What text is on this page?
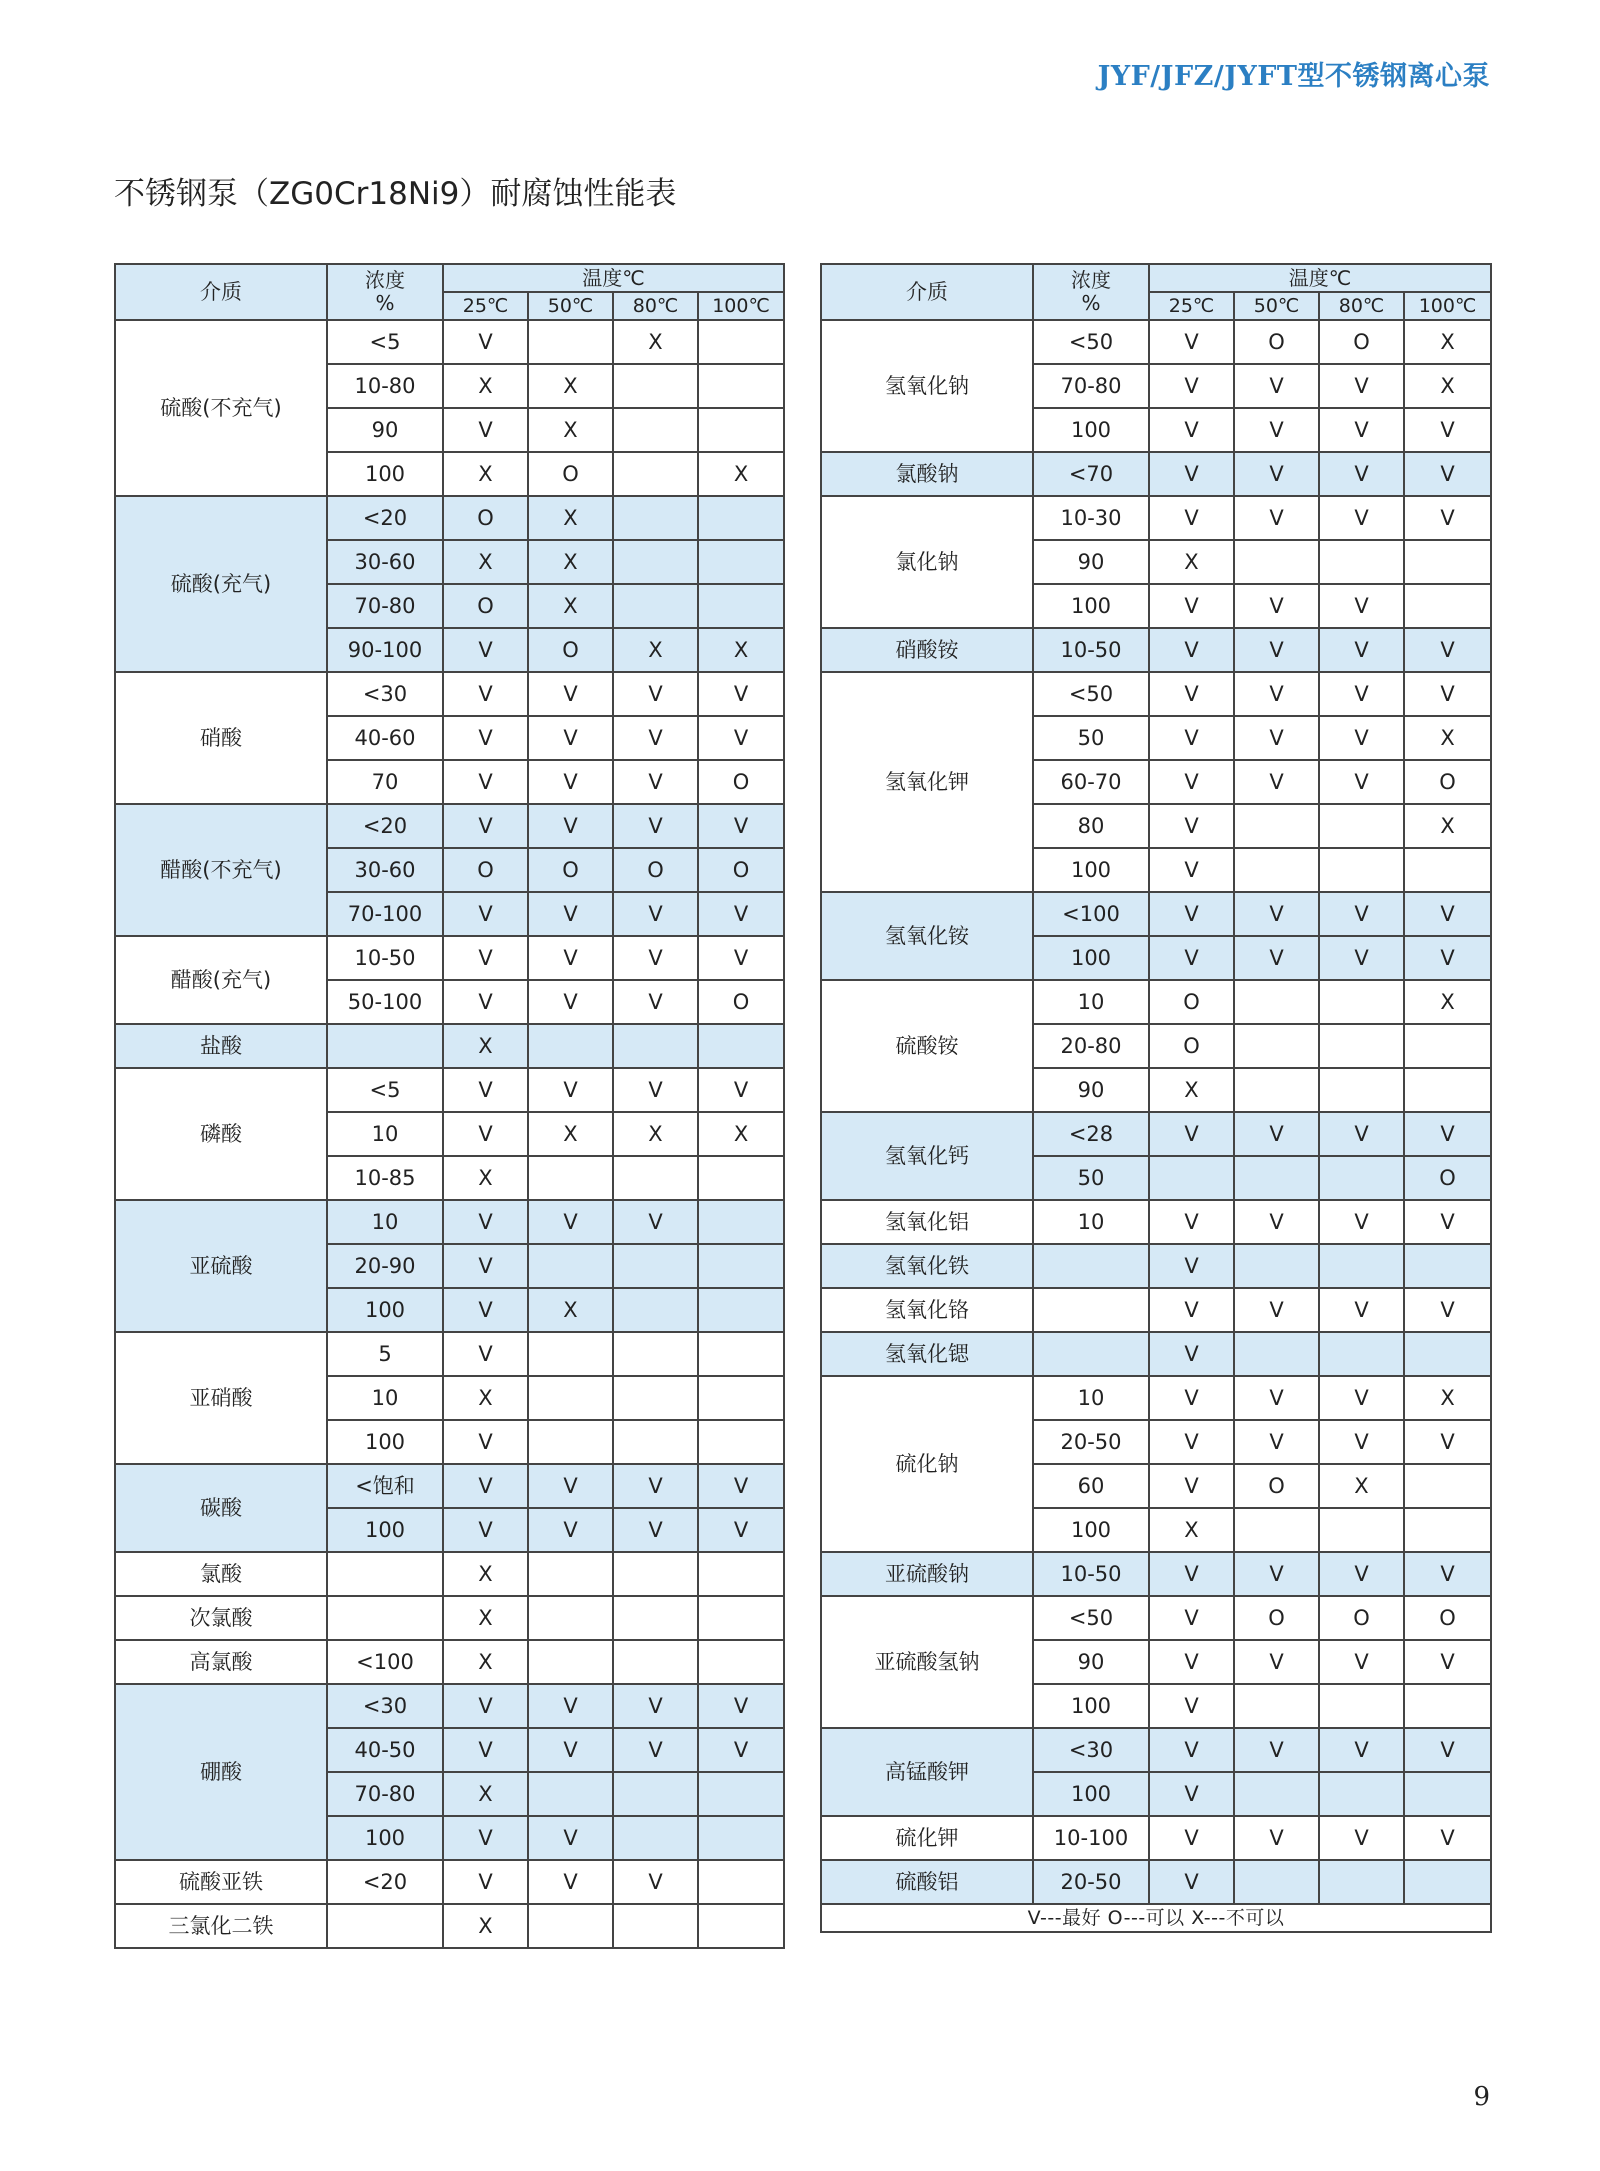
JYF/JFZ/JYFT型不锈钢离心泵
不锈钢泵（ZG0Cr18Ni9）耐腐蚀性能表
介质	浓度
%	温度℃			
		25℃	50℃	80℃	100℃
硫酸(不充气)	<5	V		X	
	10-80	X	X		
	90	V	X		
	100	X	O		X
硫酸(充气)	<20	O	X		
	30-60	X	X		
	70-80	O	X		
	90-100	V	O	X	X
硝酸	<30	V	V	V	V
	40-60	V	V	V	V
	70	V	V	V	O
醋酸(不充气)	<20	V	V	V	V
	30-60	O	O	O	O
	70-100	V	V	V	V
醋酸(充气)	10-50	V	V	V	V
	50-100	V	V	V	O
盐酸		X			
磷酸	<5	V	V	V	V
	10	V	X	X	X
	10-85	X			
亚硫酸	10	V	V	V	
	20-90	V			
	100	V	X		
亚硝酸	5	V			
	10	X			
	100	V			
碳酸	<饱和	V	V	V	V
	100	V	V	V	V
氯酸		X			
次氯酸		X			
高氯酸	<100	X			
硼酸	<30	V	V	V	V
	40-50	V	V	V	V
	70-80	X			
	100	V	V		
硫酸亚铁	<20	V	V	V	
三氯化二铁		X			
介质	浓度
%	温度℃			
		25℃	50℃	80℃	100℃
氢氧化钠	<50	V	O	O	X
	70-80	V	V	V	X
	100	V	V	V	V
氯酸钠	<70	V	V	V	V
氯化钠	10-30	V	V	V	V
	90	X			
	100	V	V	V	
硝酸铵	10-50	V	V	V	V
氢氧化钾	<50	V	V	V	V
	50	V	V	V	X
	60-70	V	V	V	O
	80	V			X
	100	V			
氢氧化铵	<100	V	V	V	V
	100	V	V	V	V
硫酸铵	10	O			X
	20-80	O			
	90	X			
氢氧化钙	<28	V	V	V	V
	50				O
氢氧化铝	10	V	V	V	V
氢氧化铁		V			
氢氧化铬		V	V	V	V
氢氧化锶		V			
硫化钠	10	V	V	V	X
	20-50	V	V	V	V
	60	V	O	X	
	100	X			
亚硫酸钠	10-50	V	V	V	V
亚硫酸氢钠	<50	V	O	O	O
	90	V	V	V	V
	100	V			
高锰酸钾	<30	V	V	V	V
	100	V			
硫化钾	10-100	V	V	V	V
硫酸铝	20-50	V			
V---最好 O---可以 X---不可以					
9
